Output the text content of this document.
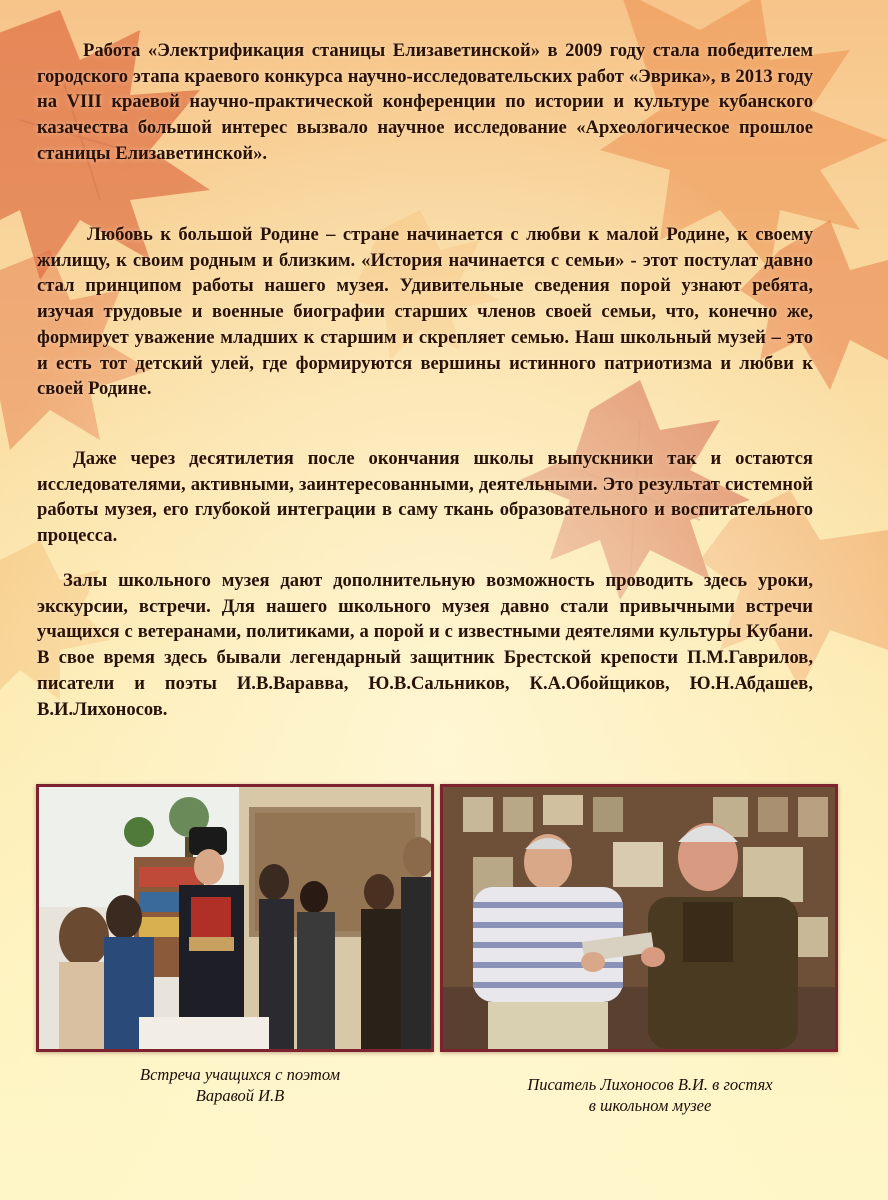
Работа «Электрификация станицы Елизаветинской» в 2009 году стала победителем городского этапа краевого конкурса научно-исследовательских работ «Эврика», в 2013 году на VIII краевой научно-практической конференции по истории и культуре кубанского казачества большой интерес вызвало научное исследование «Археологическое прошлое станицы Елизаветинской».

Любовь к большой Родине – стране начинается с любви к малой Родине, к своему жилищу, к своим родным и близким. «История начинается с семьи» - этот постулат давно стал принципом работы нашего музея. Удивительные сведения порой узнают ребята, изучая трудовые и военные биографии старших членов своей семьи, что, конечно же, формирует уважение младших к старшим и скрепляет семью. Наш школьный музей – это и есть тот детский улей, где формируются вершины истинного патриотизма и любви к своей Родине.

Даже через десятилетия после окончания школы выпускники так и остаются исследователями, активными, заинтересованными, деятельными. Это результат системной работы музея, его глубокой интеграции в саму ткань образовательного и воспитательного процесса.

Залы школьного музея дают дополнительную возможность проводить здесь уроки, экскурсии, встречи. Для нашего школьного музея давно стали привычными встречи учащихся с ветеранами, политиками, а порой и с известными деятелями культуры Кубани. В свое время здесь бывали легендарный защитник Брестской крепости П.М.Гаврилов, писатели и поэты И.В.Варавва, Ю.В.Сальников, К.А.Обойщиков, Ю.Н.Абдашев, В.И.Лихоносов.

Встреча учащихся с поэтом
Варавой И.В

Писатель Лихоносов В.И. в гостях
в школьном музее
